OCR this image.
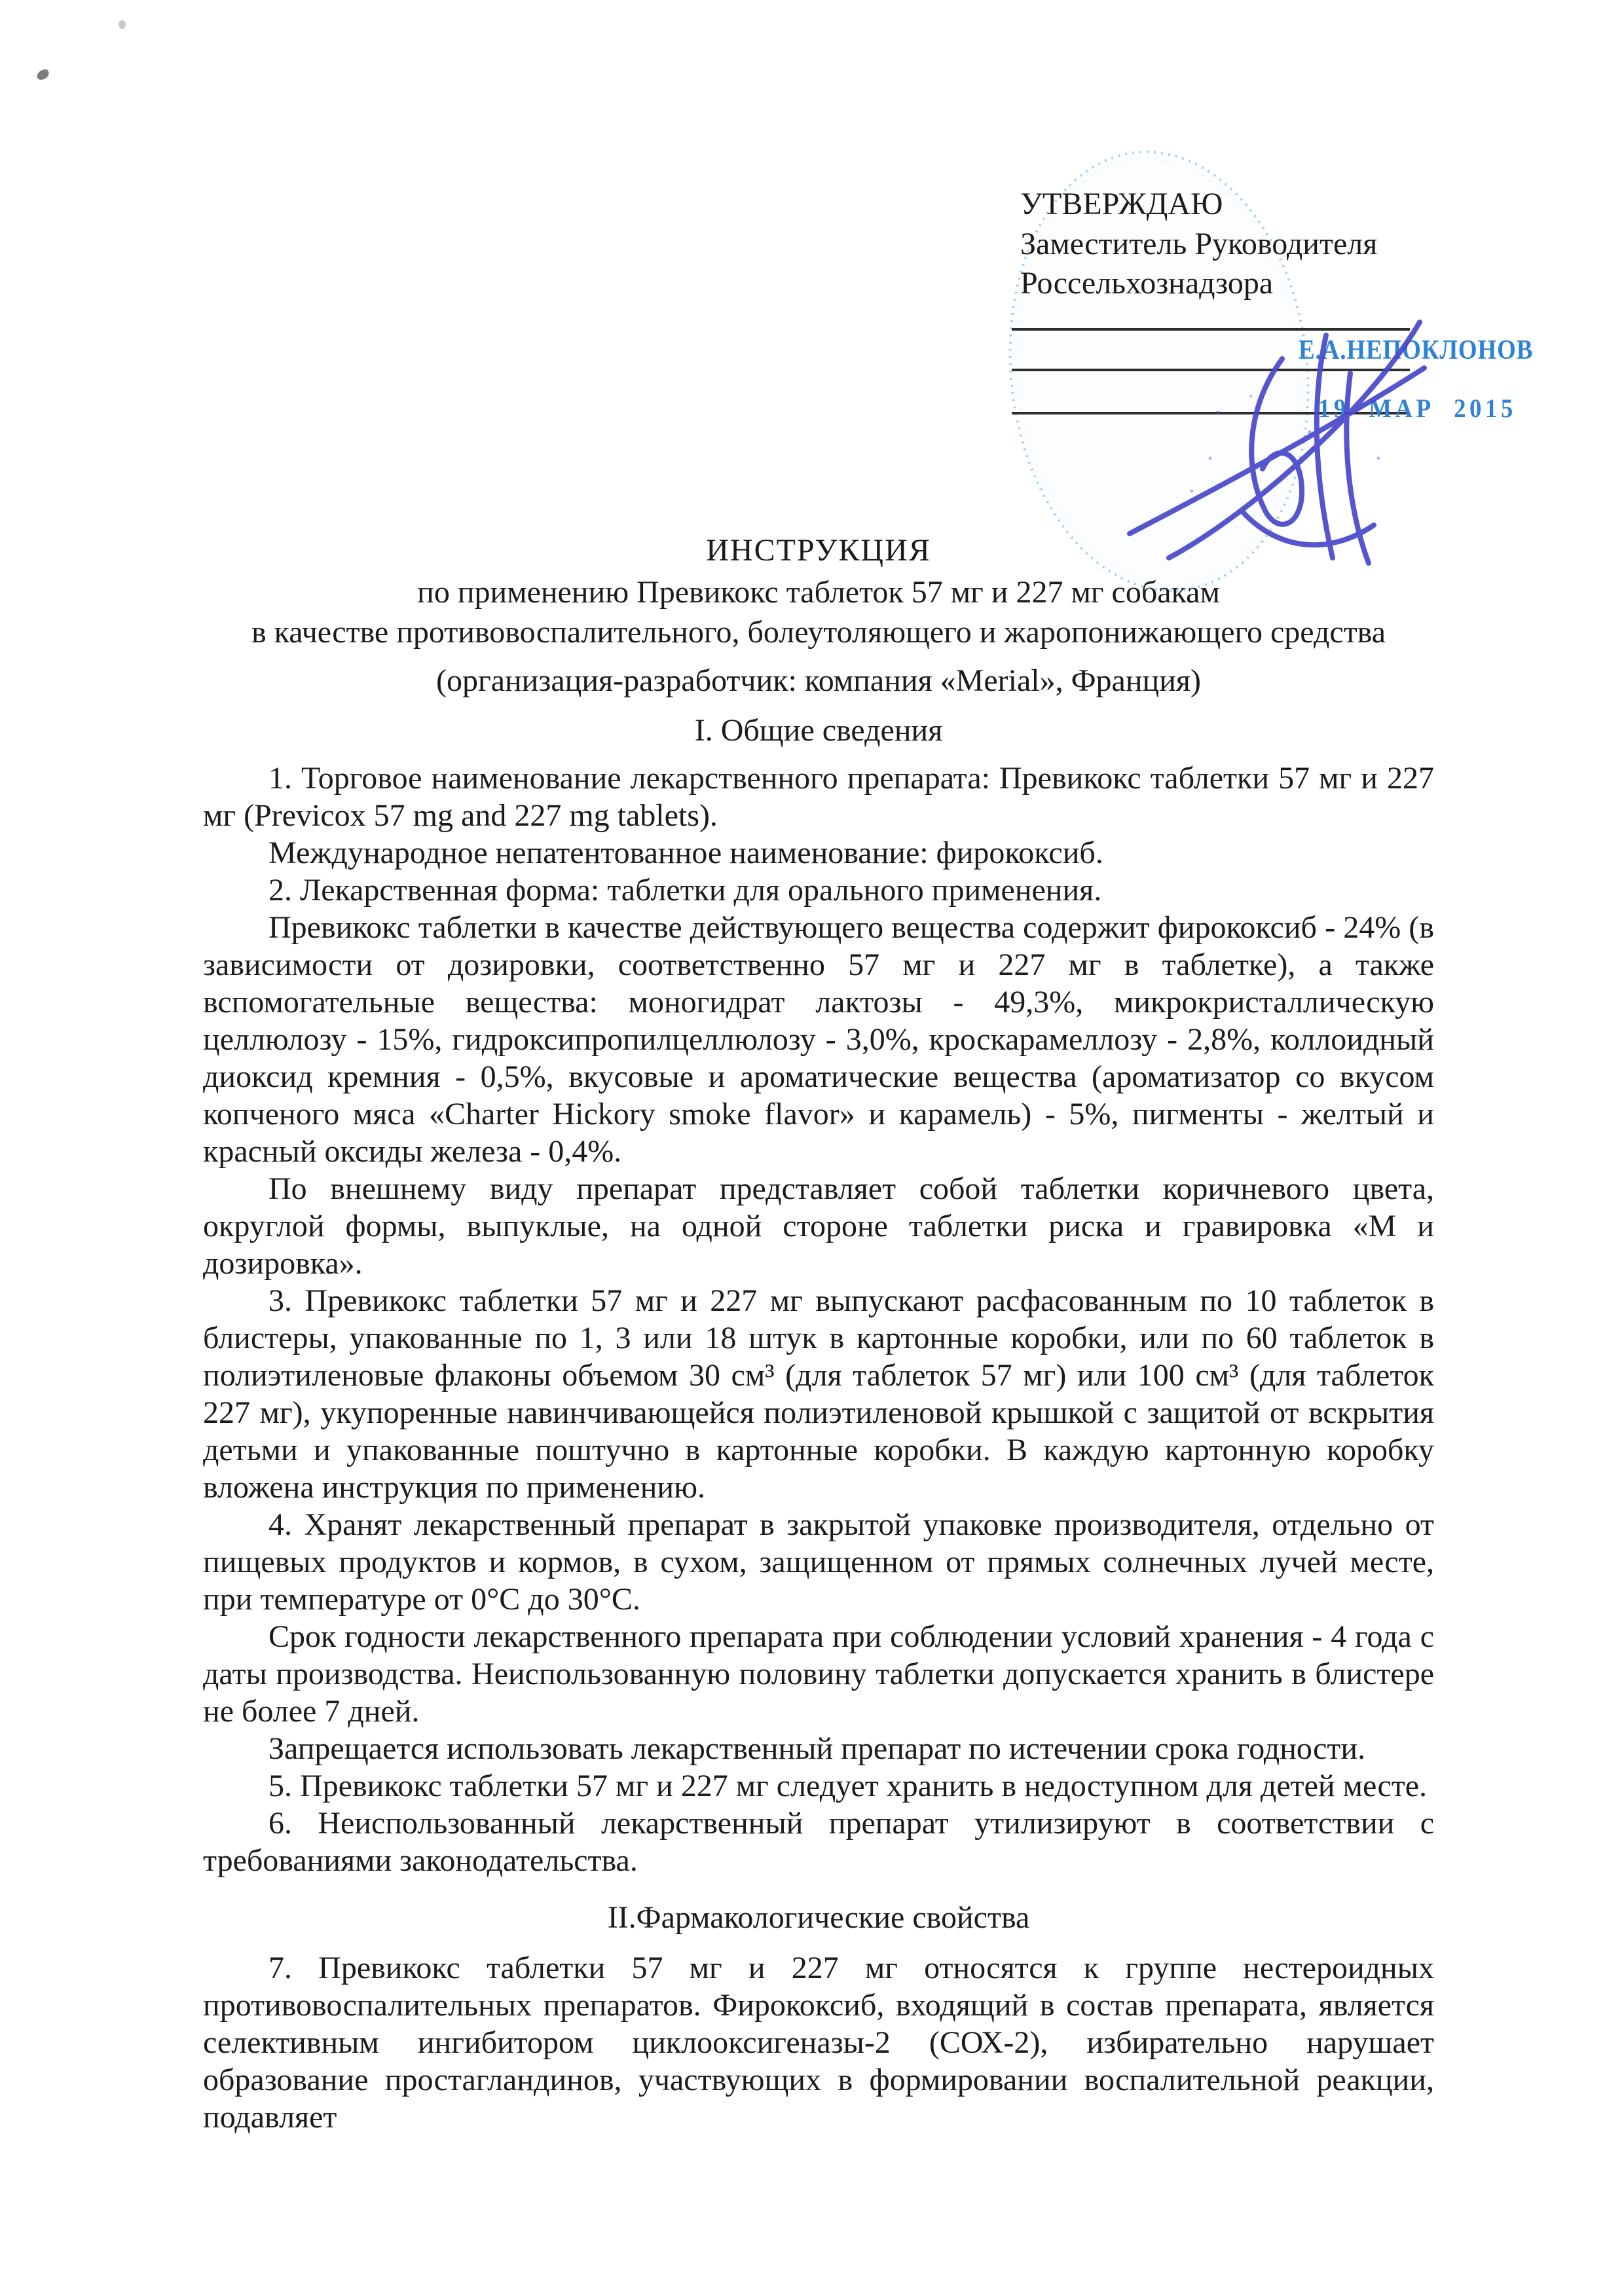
УТВЕРЖДАЮ
Заместитель Руководителя
Россельхознадзора
Е.А.НЕПОКЛОНОВ
19 МАР 2015
ИНСТРУКЦИЯ
по применению Превикокс таблеток 57 мг и 227 мг собакам
в качестве противовоспалительного, болеутоляющего и жаропонижающего средства
(организация-разработчик: компания «Merial», Франция)
I. Общие сведения

1. Торговое наименование лекарственного препарата: Превикокс таблетки 57 мг и 227 мг (Previcox 57 mg and 227 mg tablets).

Международное непатентованное наименование: фирококсиб.

2. Лекарственная форма: таблетки для орального применения.

Превикокс таблетки в качестве действующего вещества содержит фирококсиб - 24% (в зависимости от дозировки, соответственно 57 мг и 227 мг в таблетке), а также вспомогательные вещества: моногидрат лактозы - 49,3%, микрокристаллическую целлюлозу - 15%, гидроксипропилцеллюлозу - 3,0%, кроскарамеллозу - 2,8%, коллоидный диоксид кремния - 0,5%, вкусовые и ароматические вещества (ароматизатор со вкусом копченого мяса «Charter Hickory smoke flavor» и карамель) - 5%, пигменты - желтый и красный оксиды железа - 0,4%.

По внешнему виду препарат представляет собой таблетки коричневого цвета, округлой формы, выпуклые, на одной стороне таблетки риска и гравировка «М и дозировка».

3. Превикокс таблетки 57 мг и 227 мг выпускают расфасованным по 10 таблеток в блистеры, упакованные по 1, 3 или 18 штук в картонные коробки, или по 60 таблеток в полиэтиленовые флаконы объемом 30 см³ (для таблеток 57 мг) или 100 см³ (для таблеток 227 мг), укупоренные навинчивающейся полиэтиленовой крышкой с защитой от вскрытия детьми и упакованные поштучно в картонные коробки. В каждую картонную коробку вложена инструкция по применению.

4. Хранят лекарственный препарат в закрытой упаковке производителя, отдельно от пищевых продуктов и кормов, в сухом, защищенном от прямых солнечных лучей месте, при температуре от 0°С до 30°С.

Срок годности лекарственного препарата при соблюдении условий хранения - 4 года с даты производства. Неиспользованную половину таблетки допускается хранить в блистере не более 7 дней.

Запрещается использовать лекарственный препарат по истечении срока годности.

5. Превикокс таблетки 57 мг и 227 мг следует хранить в недоступном для детей месте.

6. Неиспользованный лекарственный препарат утилизируют в соответствии с требованиями законодательства.

II.Фармакологические свойства

7. Превикокс таблетки 57 мг и 227 мг относятся к группе нестероидных противовоспалительных препаратов. Фирококсиб, входящий в состав препарата, является селективным ингибитором циклооксигеназы-2 (СОХ-2), избирательно нарушает образование простагландинов, участвующих в формировании воспалительной реакции, подавляет
